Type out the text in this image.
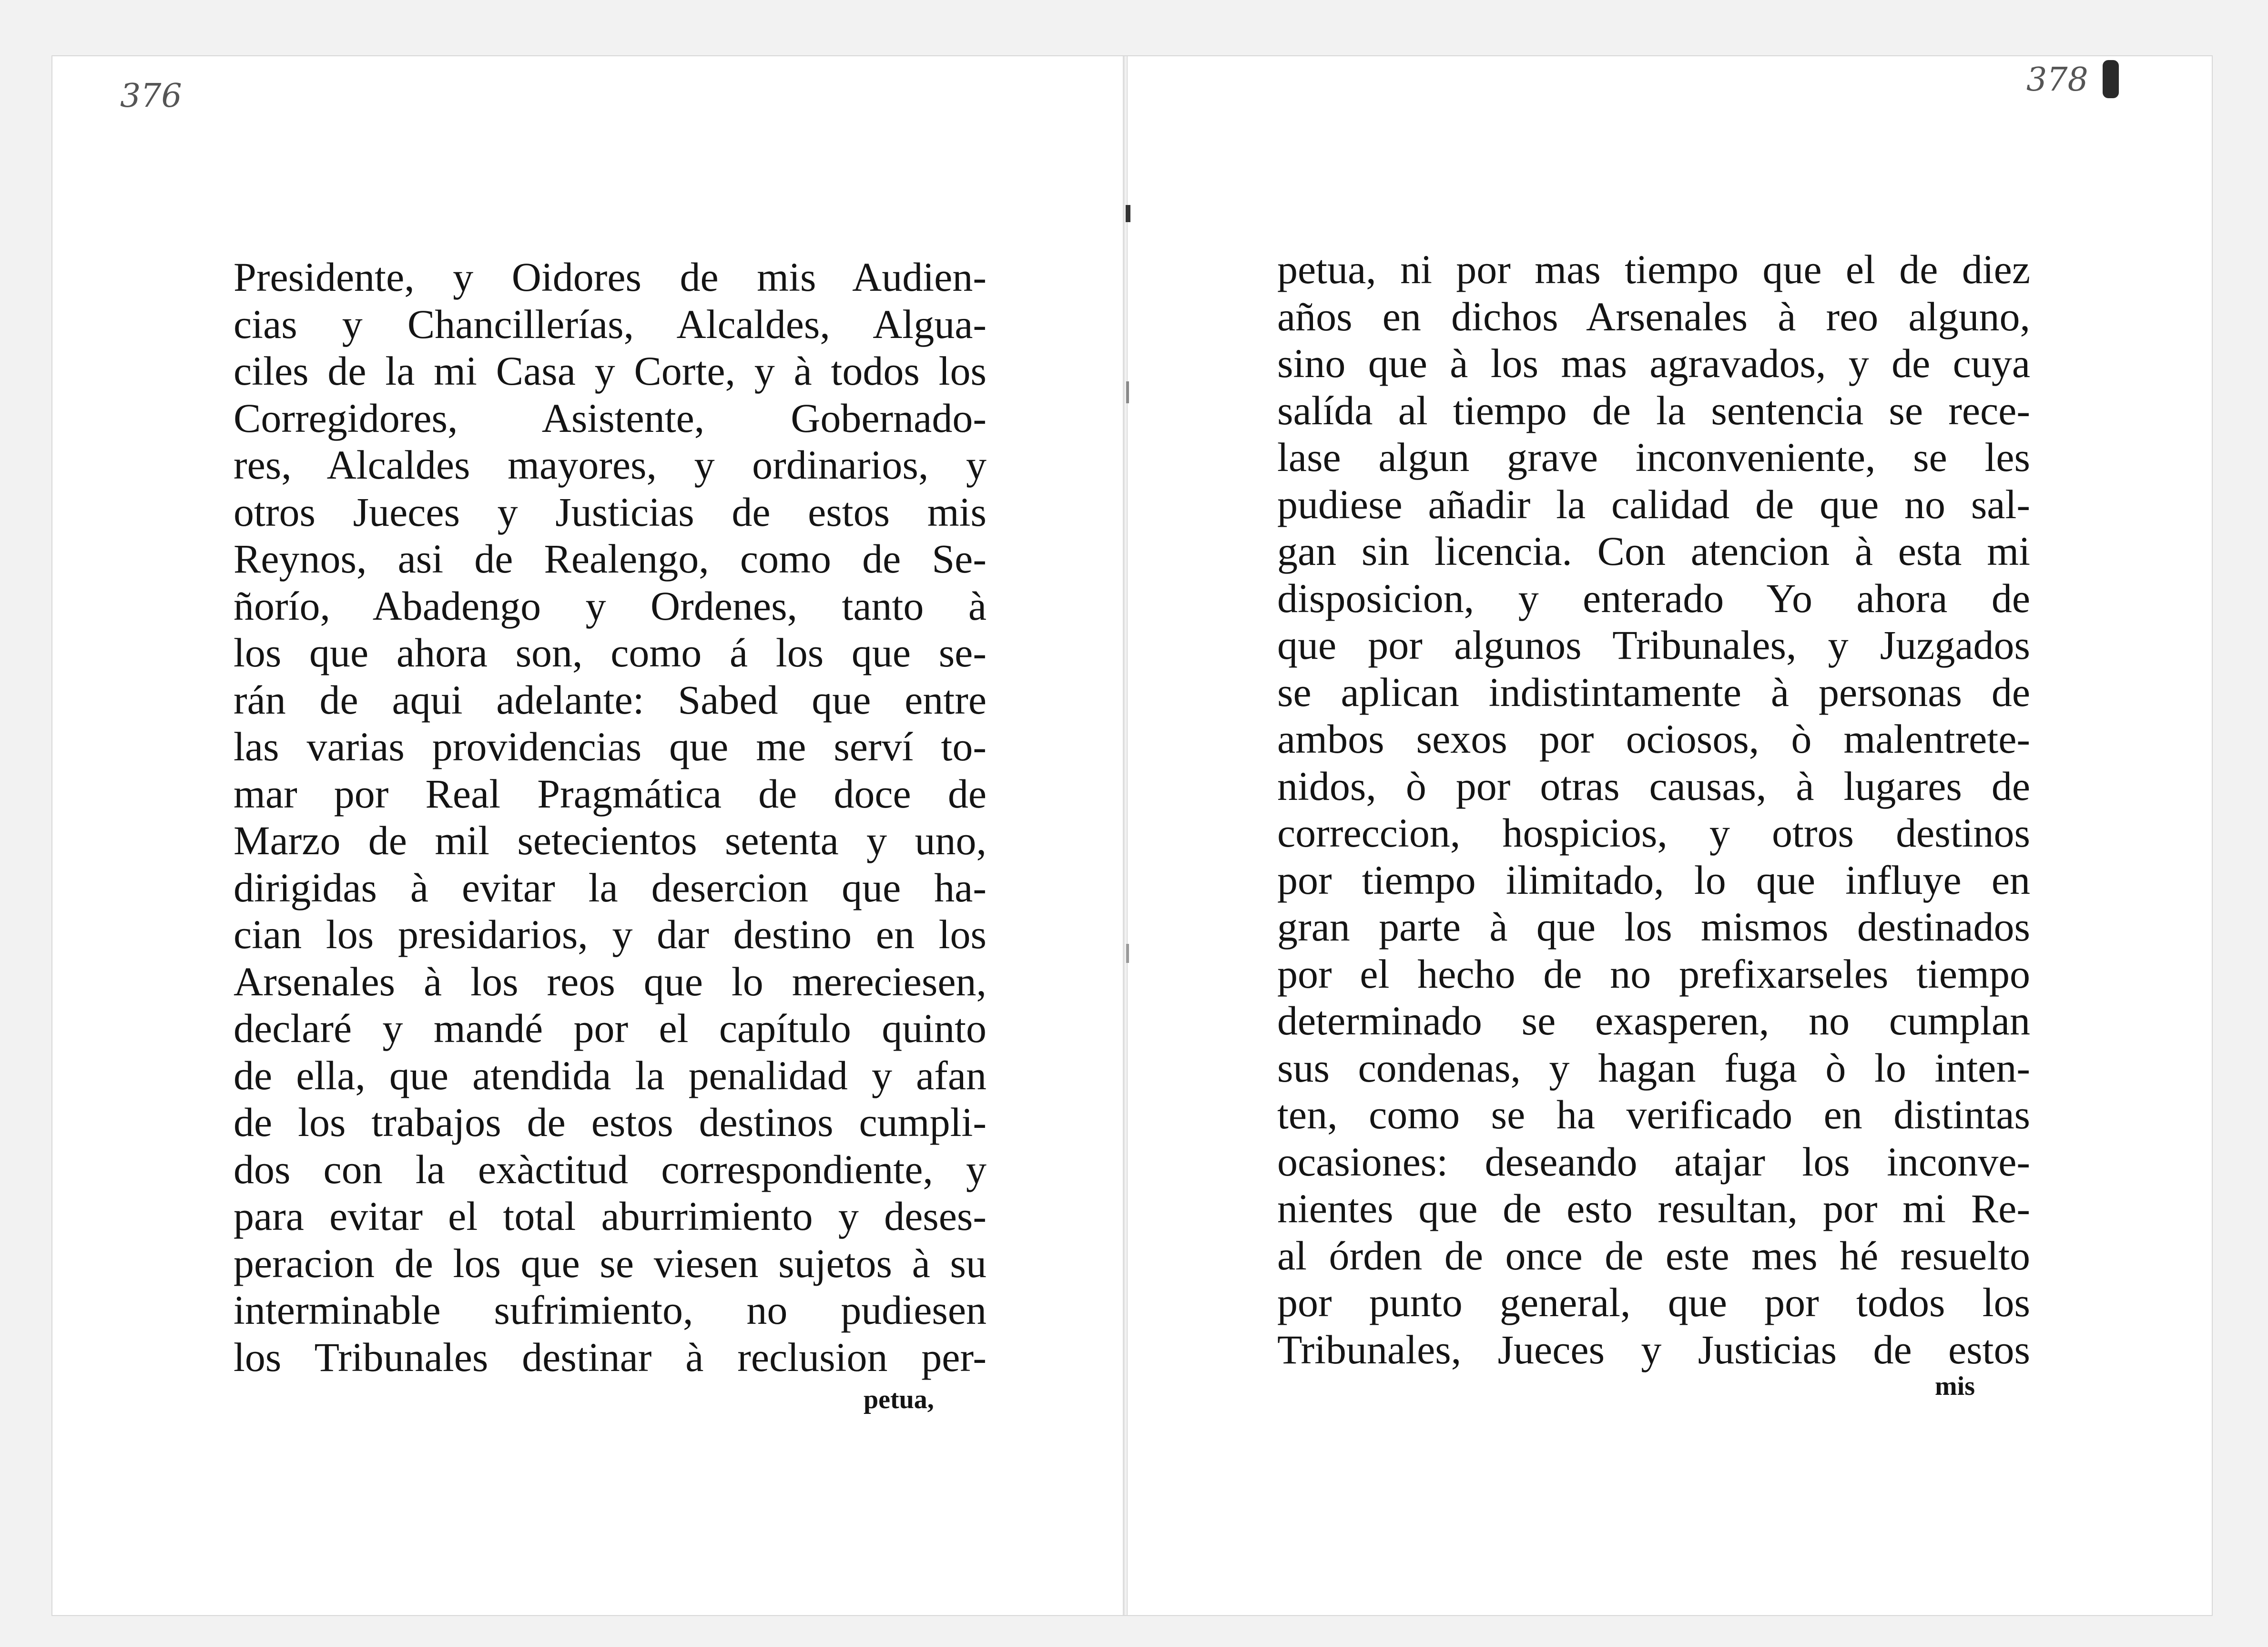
376	378
Presidente, y Oidores de mis Audien-
cias y Chancillerías, Alcaldes, Algua-
ciles de la mi Casa y Corte, y à todos los
Corregidores, Asistente, Gobernado-
res, Alcaldes mayores, y ordinarios, y
otros Jueces y Justicias de estos mis
Reynos, asi de Realengo, como de Se-
ñorío, Abadengo y Ordenes, tanto à
los que ahora son, como á los que se-
rán de aqui adelante: Sabed que entre
las varias providencias que me serví to-
mar por Real Pragmática de doce de
Marzo de mil setecientos setenta y uno,
dirigidas à evitar la desercion que ha-
cian los presidarios, y dar destino en los
Arsenales à los reos que lo mereciesen,
declaré y mandé por el capítulo quinto
de ella, que atendida la penalidad y afan
de los trabajos de estos destinos cumpli-
dos con la exàctitud correspondiente, y
para evitar el total aburrimiento y deses-
peracion de los que se viesen sujetos à su
interminable sufrimiento, no pudiesen
los Tribunales destinar à reclusion per-
petua, ni por mas tiempo que el de diez
años en dichos Arsenales à reo alguno,
sino que à los mas agravados, y de cuya
salída al tiempo de la sentencia se rece-
lase algun grave inconveniente, se les
pudiese añadir la calidad de que no sal-
gan sin licencia. Con atencion à esta mi
disposicion, y enterado Yo ahora de
que por algunos Tribunales, y Juzgados
se aplican indistintamente à personas de
ambos sexos por ociosos, ò malentrete-
nidos, ò por otras causas, à lugares de
correccion, hospicios, y otros destinos
por tiempo ilimitado, lo que influye en
gran parte à que los mismos destinados
por el hecho de no prefixarseles tiempo
determinado se exasperen, no cumplan
sus condenas, y hagan fuga ò lo inten-
ten, como se ha verificado en distintas
ocasiones: deseando atajar los inconve-
nientes que de esto resultan, por mi Re-
al órden de once de este mes hé resuelto
por punto general, que por todos los
Tribunales, Jueces y Justicias de estos
petua,	mis
